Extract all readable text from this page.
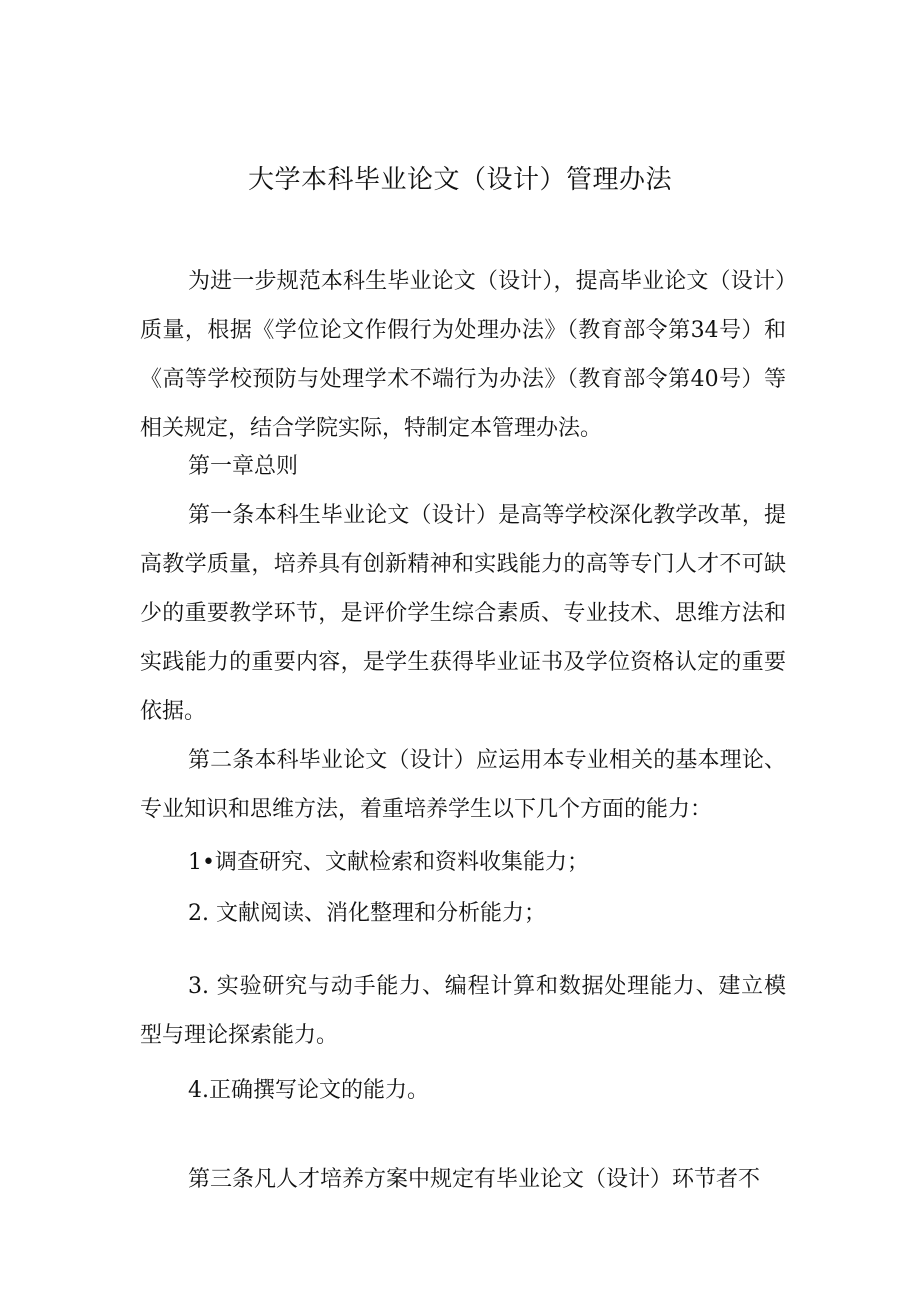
大学本科毕业论文（设计）管理办法

为进一步规范本科生毕业论文（设计），提高毕业论文（设计）质量，根据《学位论文作假行为处理办法》（教育部令第34号）和《高等学校预防与处理学术不端行为办法》（教育部令第40号）等相关规定，结合学院实际，特制定本管理办法。

第一章总则

第一条本科生毕业论文（设计）是高等学校深化教学改革，提高教学质量，培养具有创新精神和实践能力的高等专门人才不可缺少的重要教学环节，是评价学生综合素质、专业技术、思维方法和实践能力的重要内容，是学生获得毕业证书及学位资格认定的重要依据。

第二条本科毕业论文（设计）应运用本专业相关的基本理论、专业知识和思维方法，着重培养学生以下几个方面的能力：

1•调查研究、文献检索和资料收集能力；

2. 文献阅读、消化整理和分析能力；

3. 实验研究与动手能力、编程计算和数据处理能力、建立模型与理论探索能力。

4.正确撰写论文的能力。

第三条凡人才培养方案中规定有毕业论文（设计）环节者不
